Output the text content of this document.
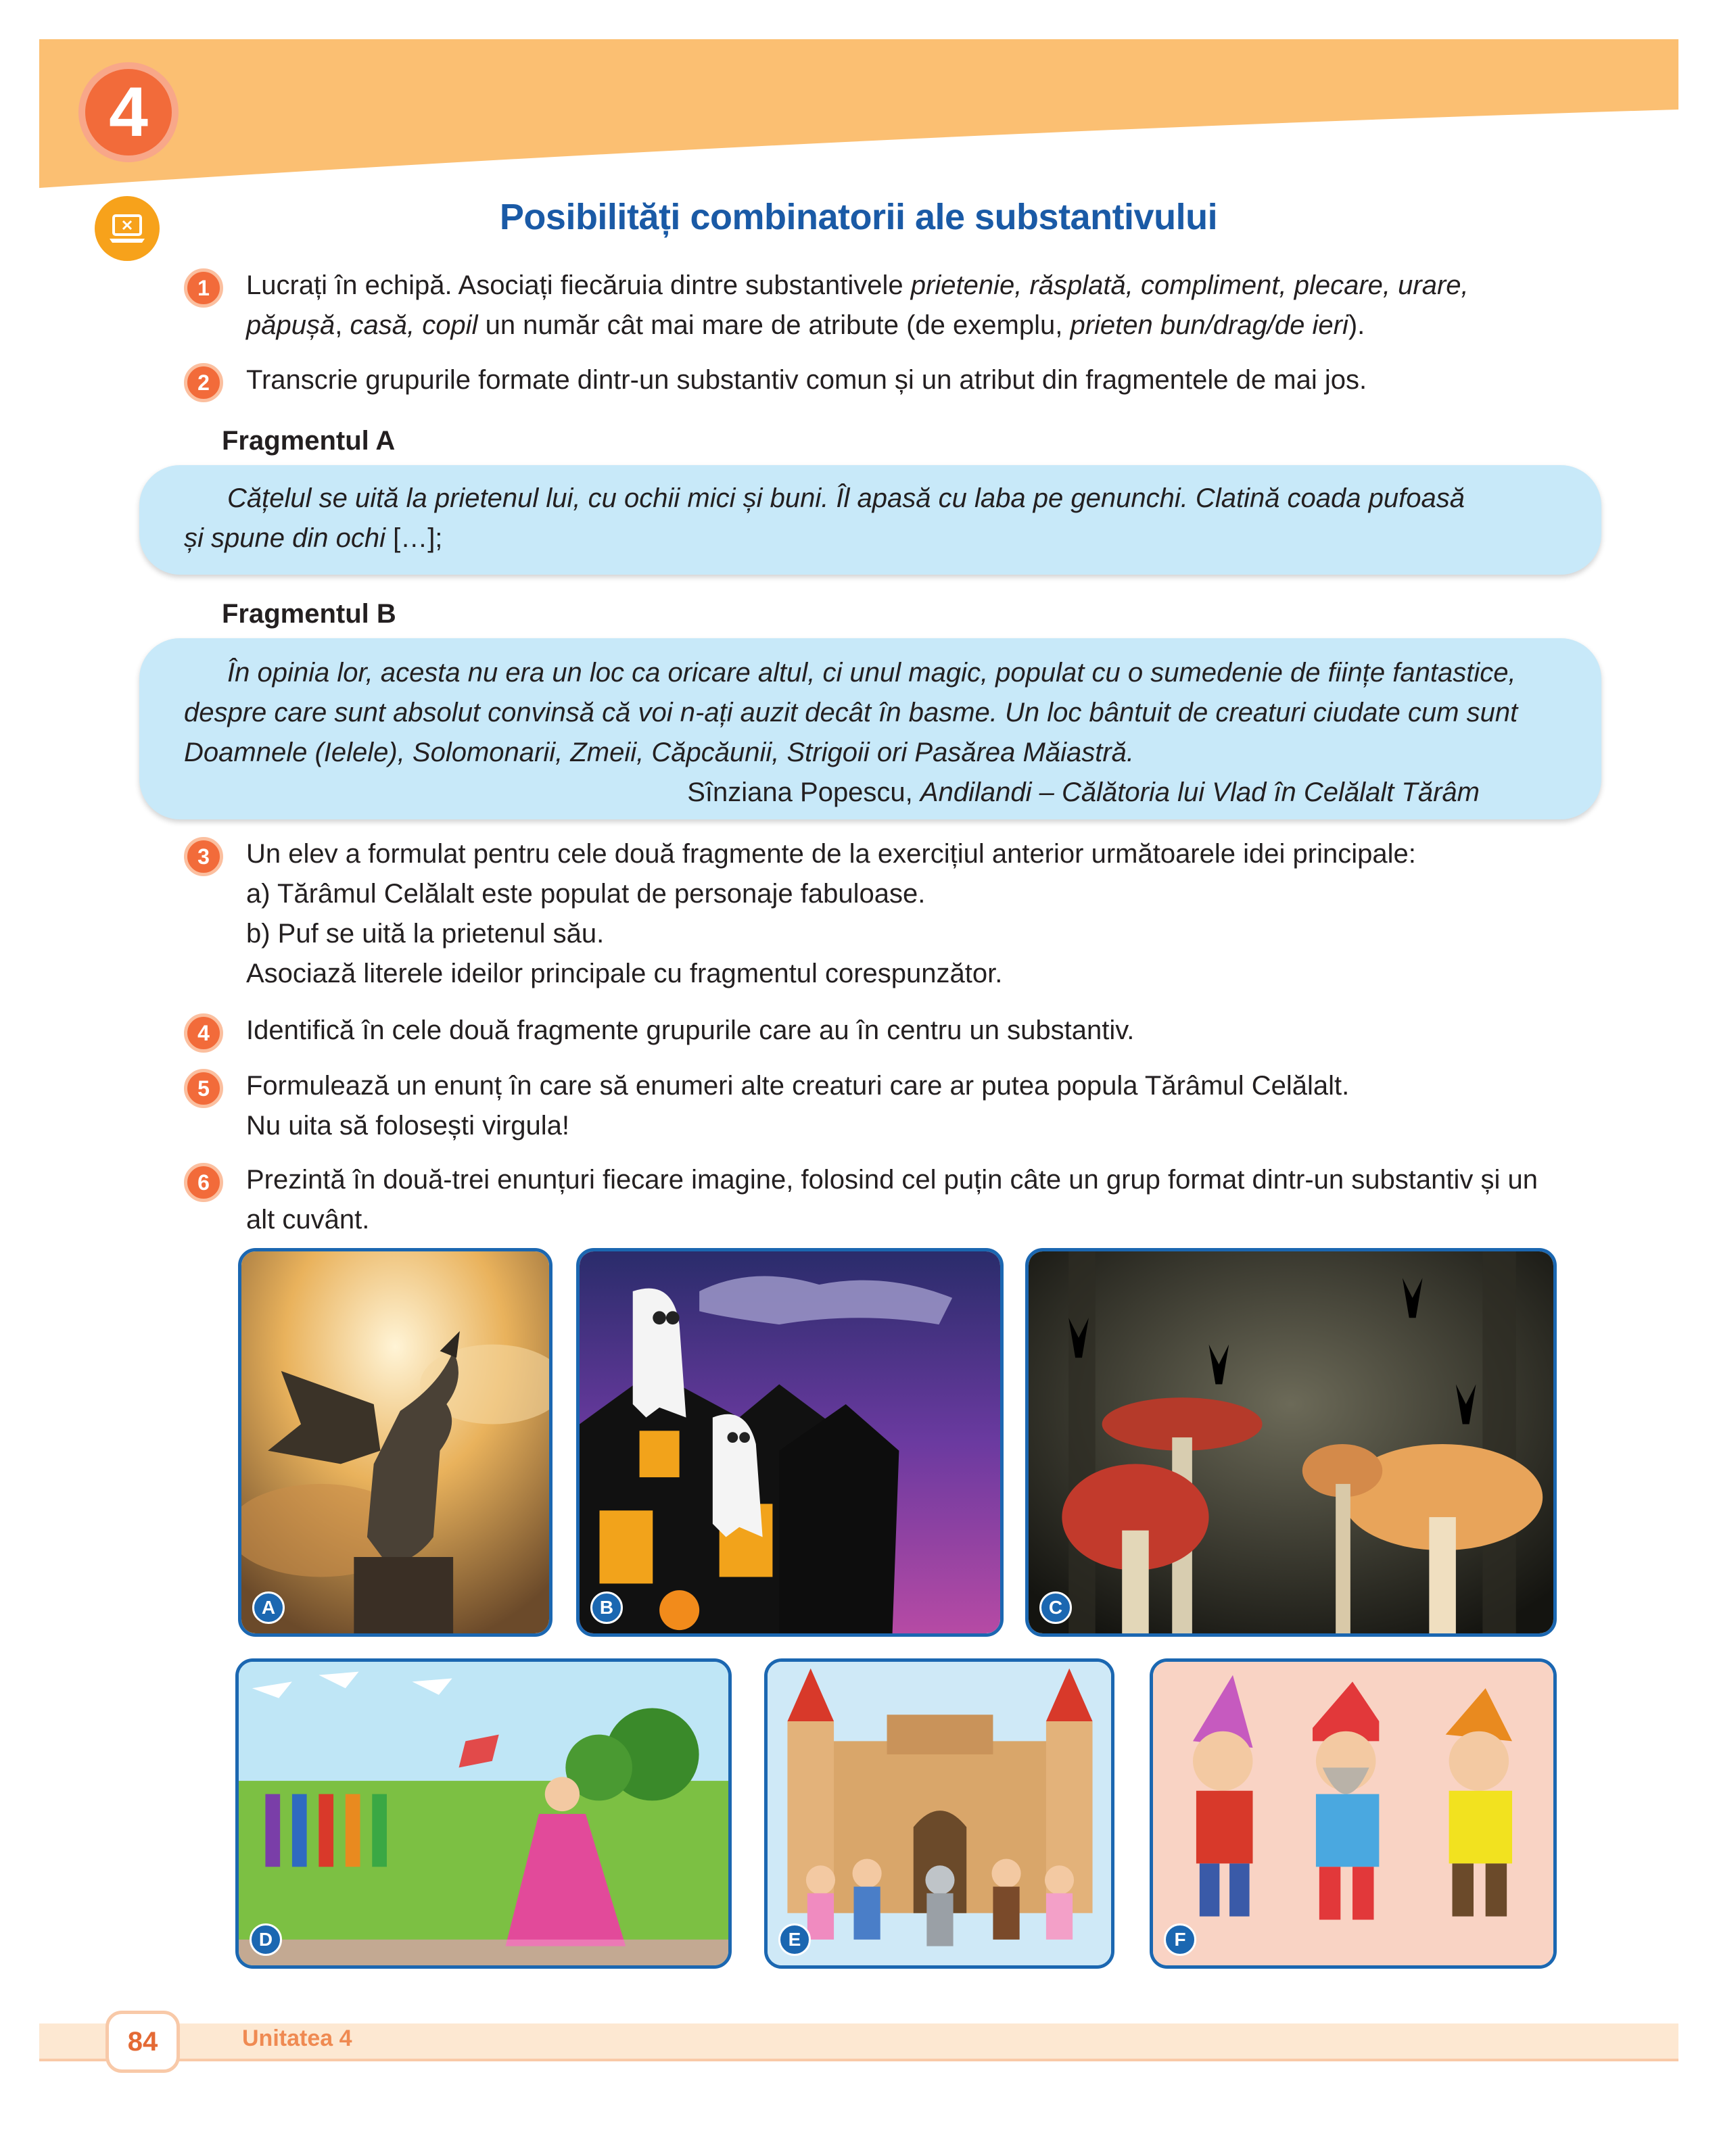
4
Posibilități combinatorii ale substantivului
1	Lucrați în echipă. Asociați fiecăruia dintre substantivele prietenie, răsplată, compliment, plecare, urare, păpușă, casă, copil un număr cât mai mare de atribute (de exemplu, prieten bun/drag/de ieri).
2	Transcrie grupurile formate dintr-un substantiv comun și un atribut din fragmentele de mai jos.
Fragmentul A
Cățelul se uită la prietenul lui, cu ochii mici și buni. Îl apasă cu laba pe genunchi. Clatină coada pufoasă
și spune din ochi […];
Fragmentul B
În opinia lor, acesta nu era un loc ca oricare altul, ci unul magic, populat cu o sumedenie de ființe fantastice,
despre care sunt absolut convinsă că voi n-ați auzit decât în basme. Un loc bântuit de creaturi ciudate cum sunt
Doamnele (Ielele), Solomonarii, Zmeii, Căpcăunii, Strigoii ori Pasărea Măiastră.
Sînziana Popescu, Andilandi – Călătoria lui Vlad în Celălalt Tărâm
3	Un elev a formulat pentru cele două fragmente de la exercițiul anterior următoarele idei principale:
a) Tărâmul Celălalt este populat de personaje fabuloase.
b) Puf se uită la prietenul său.
Asociază literele ideilor principale cu fragmentul corespunzător.
4	Identifică în cele două fragmente grupurile care au în centru un substantiv.
5	Formulează un enunț în care să enumeri alte creaturi care ar putea popula Tărâmul Celălalt.
Nu uita să folosești virgula!
6	Prezintă în două-trei enunțuri fiecare imagine, folosind cel puțin câte un grup format dintr-un substantiv și un alt cuvânt.
A	B	C
D	E	F
84	Unitatea 4
